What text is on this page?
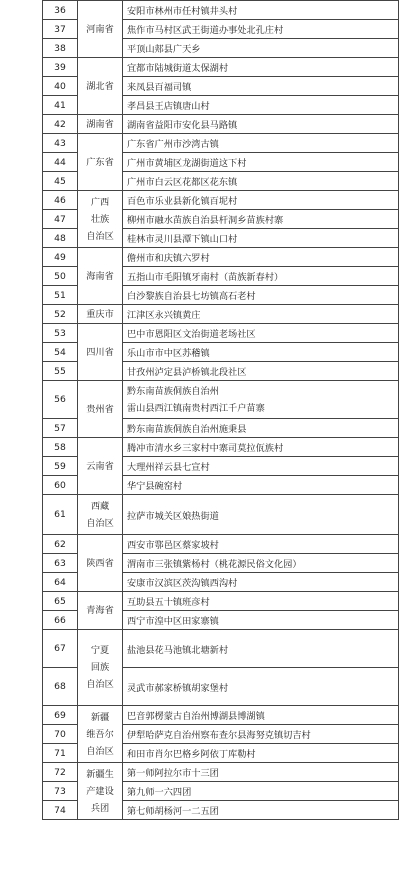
36	河南省	安阳市林州市任村镇井头村
37		焦作市马村区武王街道办事处北孔庄村
38		平顶山郏县广天乡
39	湖北省	宜都市陆城街道太保湖村
40		来凤县百福司镇
41		孝昌县王店镇唐山村
42	湖南省	湖南省益阳市安化县马路镇
43	广东省	广东省广州市沙湾古镇
44		广州市黄埔区龙湖街道这下村
45		广州市白云区花都区花东镇
46	广西
壮族
自治区	百色市乐业县新化镇百坭村
47		柳州市融水苗族自治县杆洞乡苗族村寨
48		桂林市灵川县潭下镇山口村
49	海南省	儋州市和庆镇六罗村
50		五指山市毛阳镇牙南村（苗族新春村）
51		白沙黎族自治县七坊镇高石老村
52	重庆市	江津区永兴镇黄庄
53	四川省	巴中市恩阳区文治街道老场社区
54		乐山市市中区苏稽镇
55		甘孜州泸定县泸桥镇北段社区
56	贵州省	黔东南苗族侗族自治州
雷山县西江镇南贵村西江千户苗寨

57		黔东南苗族侗族自治州施秉县
58	云南省	腾冲市清水乡三家村中寨司莫拉佤族村
59		大理州祥云县七宣村
60		华宁县碗窑村
61	西藏
自治区	拉萨市城关区娘热街道
62	陕西省	西安市鄠邑区蔡家坡村
63		渭南市三张镇紫杨村（桃花源民俗文化园）
64		安康市汉滨区茨沟镇西沟村
65	青海省	互助县五十镇班彦村
66		西宁市湟中区田家寨镇
67	宁夏
回族
自治区	盐池县花马池镇北塘新村
68		灵武市郝家桥镇胡家堡村
69	新疆
维吾尔
自治区	巴音郭楞蒙古自治州博湖县博湖镇
70		伊犁哈萨克自治州察布查尔县海努克镇切吉村
71		和田市肖尔巴格乡阿依丁库勒村
72	新疆生
产建设
兵团	第一师阿拉尔市十三团
73		第九师一六四团
74		第七师胡杨河一二五团
